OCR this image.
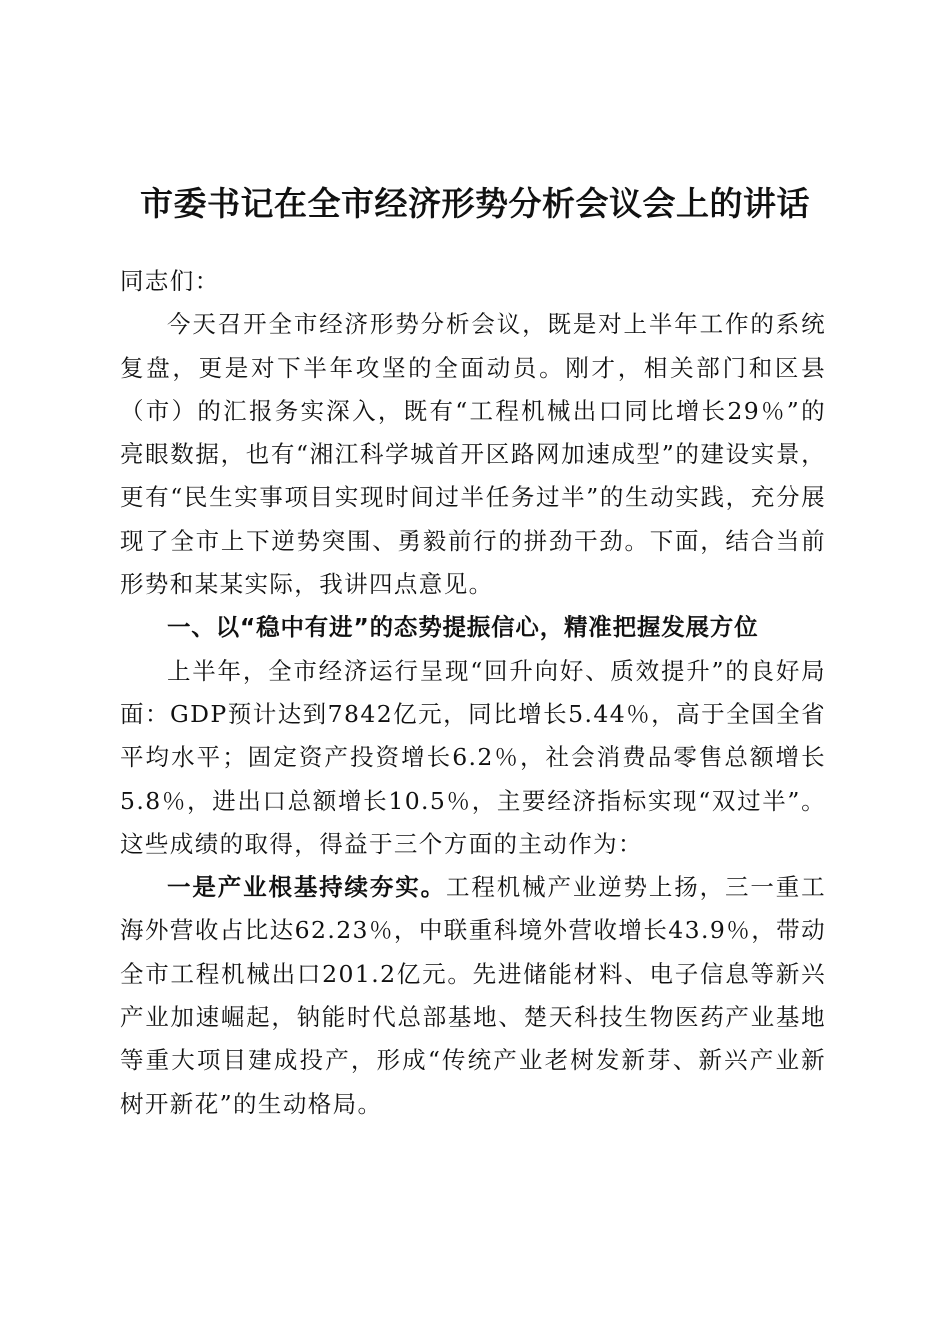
市委书记在全市经济形势分析会议会上的讲话

同志们：

今天召开全市经济形势分析会议，既是对上半年工作的系统复盘，更是对下半年攻坚的全面动员。刚才，相关部门和区县（市）的汇报务实深入，既有“工程机械出口同比增长29％”的亮眼数据，也有“湘江科学城首开区路网加速成型”的建设实景，更有“民生实事项目实现时间过半任务过半”的生动实践，充分展现了全市上下逆势突围、勇毅前行的拼劲干劲。下面，结合当前形势和某某实际，我讲四点意见。

一、以“稳中有进”的态势提振信心，精准把握发展方位

上半年，全市经济运行呈现“回升向好、质效提升”的良好局面：GDP预计达到7842亿元，同比增长5.44％，高于全国全省平均水平；固定资产投资增长6.2％，社会消费品零售总额增长5.8％，进出口总额增长10.5％，主要经济指标实现“双过半”。这些成绩的取得，得益于三个方面的主动作为：

一是产业根基持续夯实。工程机械产业逆势上扬，三一重工海外营收占比达62.23％，中联重科境外营收增长43.9％，带动全市工程机械出口201.2亿元。先进储能材料、电子信息等新兴产业加速崛起，钠能时代总部基地、楚天科技生物医药产业基地等重大项目建成投产，形成“传统产业老树发新芽、新兴产业新树开新花”的生动格局。
